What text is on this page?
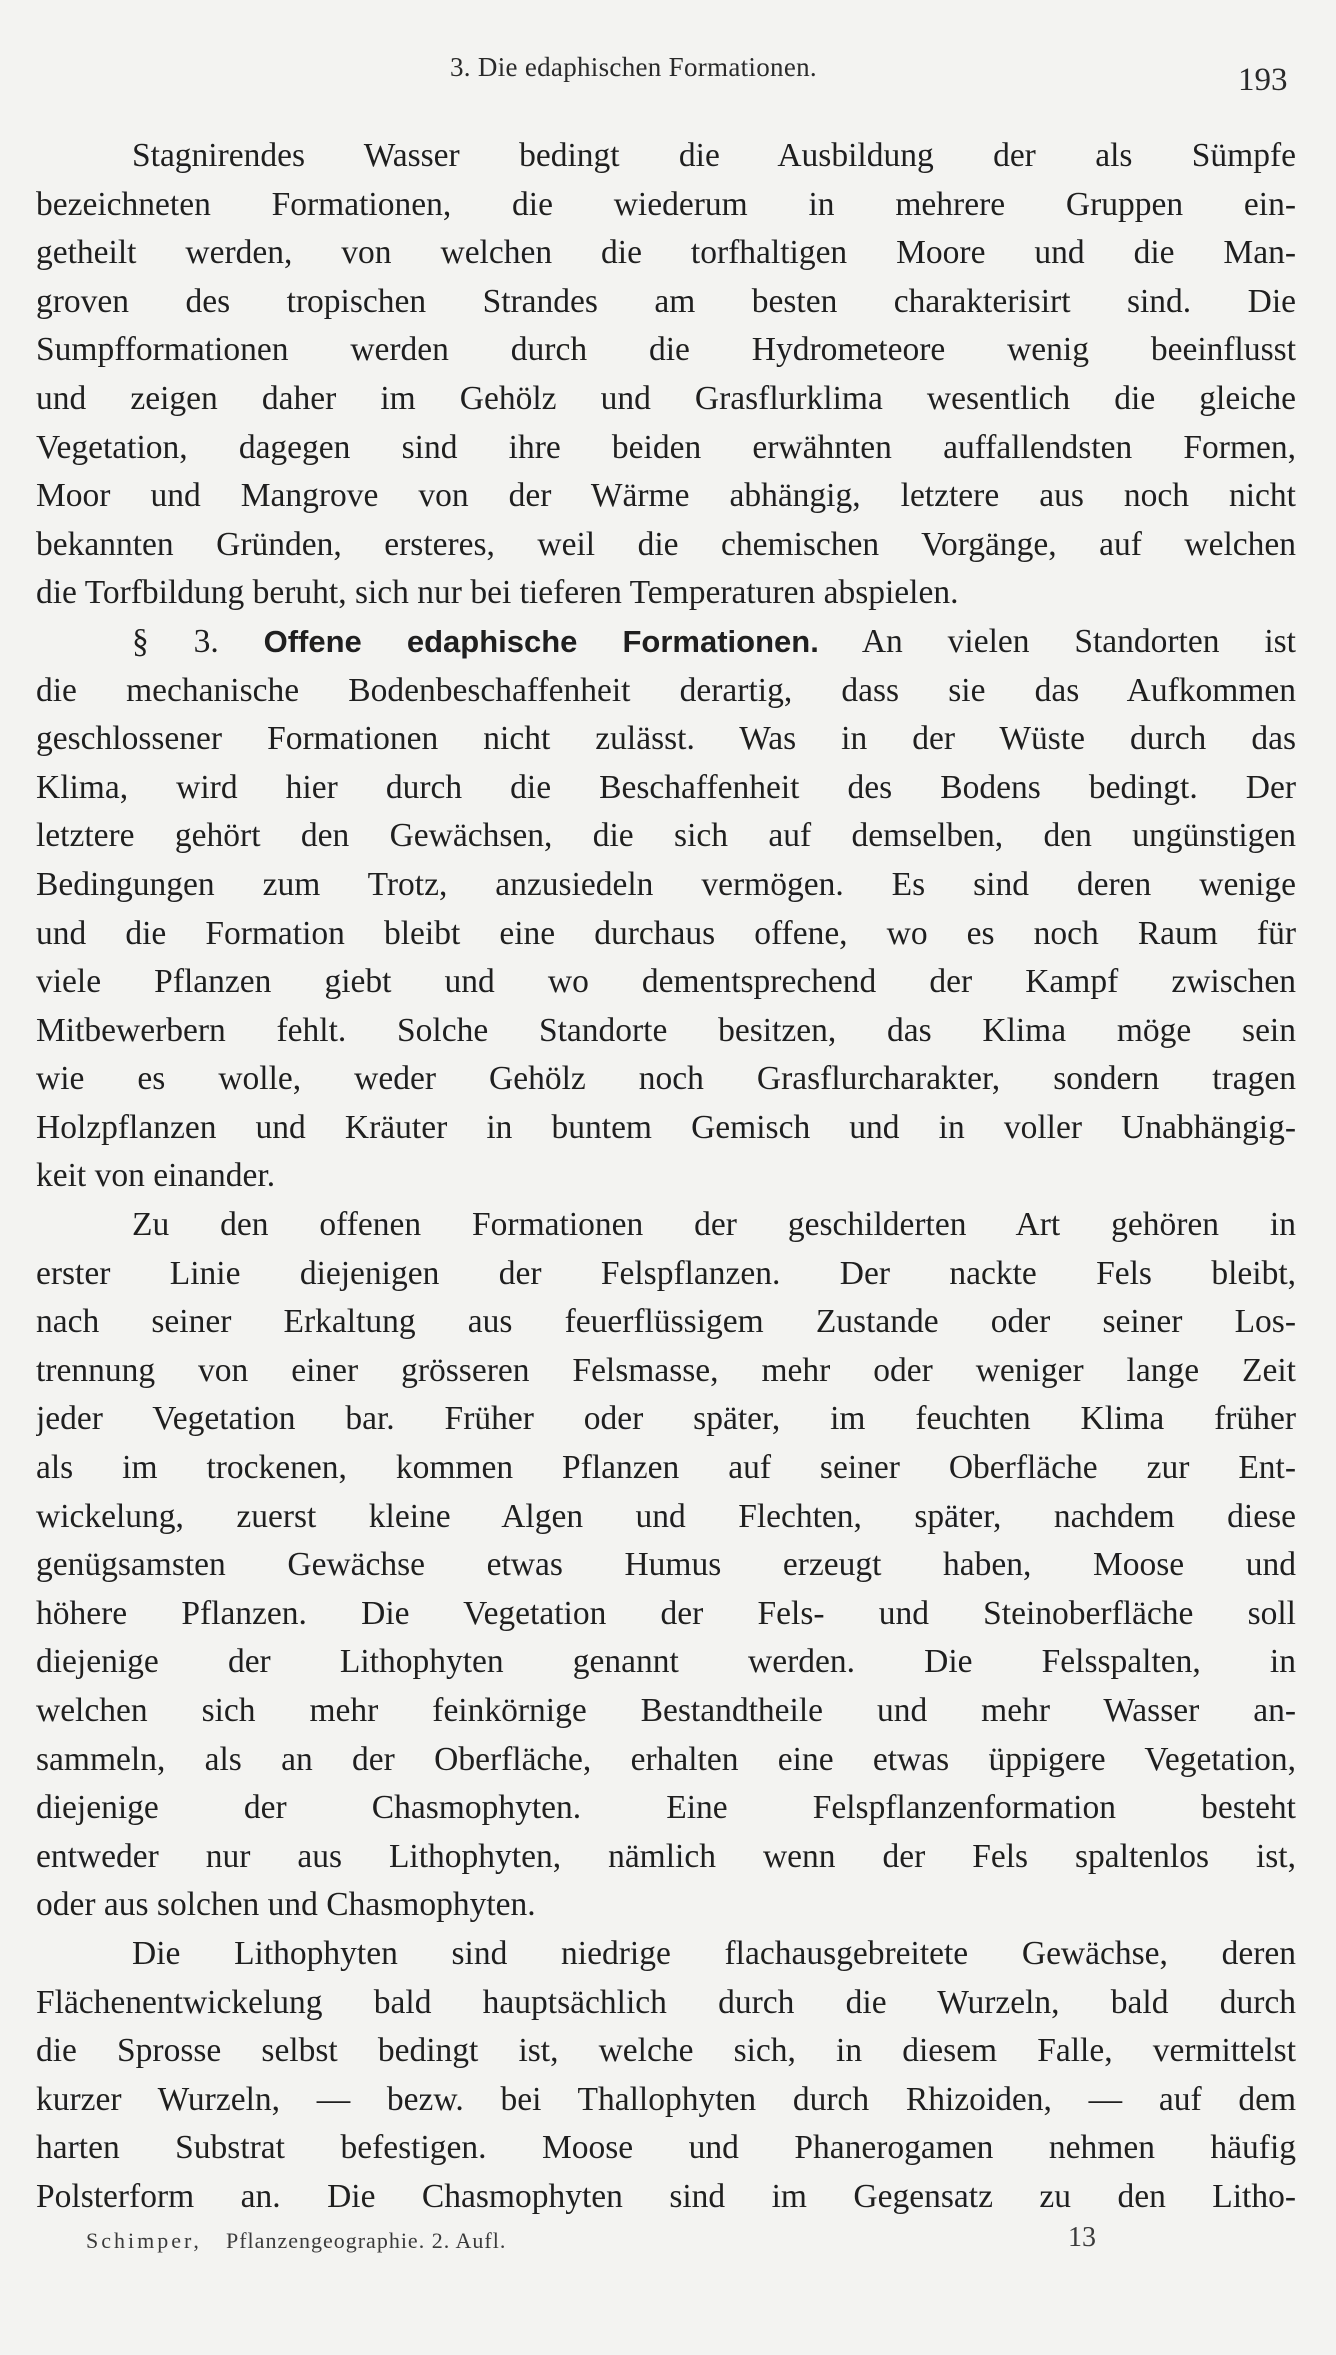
3. Die edaphischen Formationen.	193
Stagnirendes Wasser bedingt die Ausbildung der als Sümpfe
bezeichneten Formationen, die wiederum in mehrere Gruppen ein-
getheilt werden, von welchen die torfhaltigen Moore und die Man-
groven des tropischen Strandes am besten charakterisirt sind. Die
Sumpfformationen werden durch die Hydrometeore wenig beeinflusst
und zeigen daher im Gehölz und Grasflurklima wesentlich die gleiche
Vegetation, dagegen sind ihre beiden erwähnten auffallendsten Formen,
Moor und Mangrove von der Wärme abhängig, letztere aus noch nicht
bekannten Gründen, ersteres, weil die chemischen Vorgänge, auf welchen
die Torfbildung beruht, sich nur bei tieferen Temperaturen abspielen.
§ 3. Offene edaphische Formationen. An vielen Standorten ist
die mechanische Bodenbeschaffenheit derartig, dass sie das Aufkommen
geschlossener Formationen nicht zulässt. Was in der Wüste durch das
Klima, wird hier durch die Beschaffenheit des Bodens bedingt. Der
letztere gehört den Gewächsen, die sich auf demselben, den ungünstigen
Bedingungen zum Trotz, anzusiedeln vermögen. Es sind deren wenige
und die Formation bleibt eine durchaus offene, wo es noch Raum für
viele Pflanzen giebt und wo dementsprechend der Kampf zwischen
Mitbewerbern fehlt. Solche Standorte besitzen, das Klima möge sein
wie es wolle, weder Gehölz noch Grasflurcharakter, sondern tragen
Holzpflanzen und Kräuter in buntem Gemisch und in voller Unabhängig-
keit von einander.
Zu den offenen Formationen der geschilderten Art gehören in
erster Linie diejenigen der Felspflanzen. Der nackte Fels bleibt,
nach seiner Erkaltung aus feuerflüssigem Zustande oder seiner Los-
trennung von einer grösseren Felsmasse, mehr oder weniger lange Zeit
jeder Vegetation bar. Früher oder später, im feuchten Klima früher
als im trockenen, kommen Pflanzen auf seiner Oberfläche zur Ent-
wickelung, zuerst kleine Algen und Flechten, später, nachdem diese
genügsamsten Gewächse etwas Humus erzeugt haben, Moose und
höhere Pflanzen. Die Vegetation der Fels- und Steinoberfläche soll
diejenige der Lithophyten genannt werden. Die Felsspalten, in
welchen sich mehr feinkörnige Bestandtheile und mehr Wasser an-
sammeln, als an der Oberfläche, erhalten eine etwas üppigere Vegetation,
diejenige der Chasmophyten. Eine Felspflanzenformation besteht
entweder nur aus Lithophyten, nämlich wenn der Fels spaltenlos ist,
oder aus solchen und Chasmophyten.
Die Lithophyten sind niedrige flachausgebreitete Gewächse, deren
Flächenentwickelung bald hauptsächlich durch die Wurzeln, bald durch
die Sprosse selbst bedingt ist, welche sich, in diesem Falle, vermittelst
kurzer Wurzeln, — bezw. bei Thallophyten durch Rhizoiden, — auf dem
harten Substrat befestigen. Moose und Phanerogamen nehmen häufig
Polsterform an. Die Chasmophyten sind im Gegensatz zu den Litho-
Schimper, Pflanzengeographie. 2. Aufl.	13
